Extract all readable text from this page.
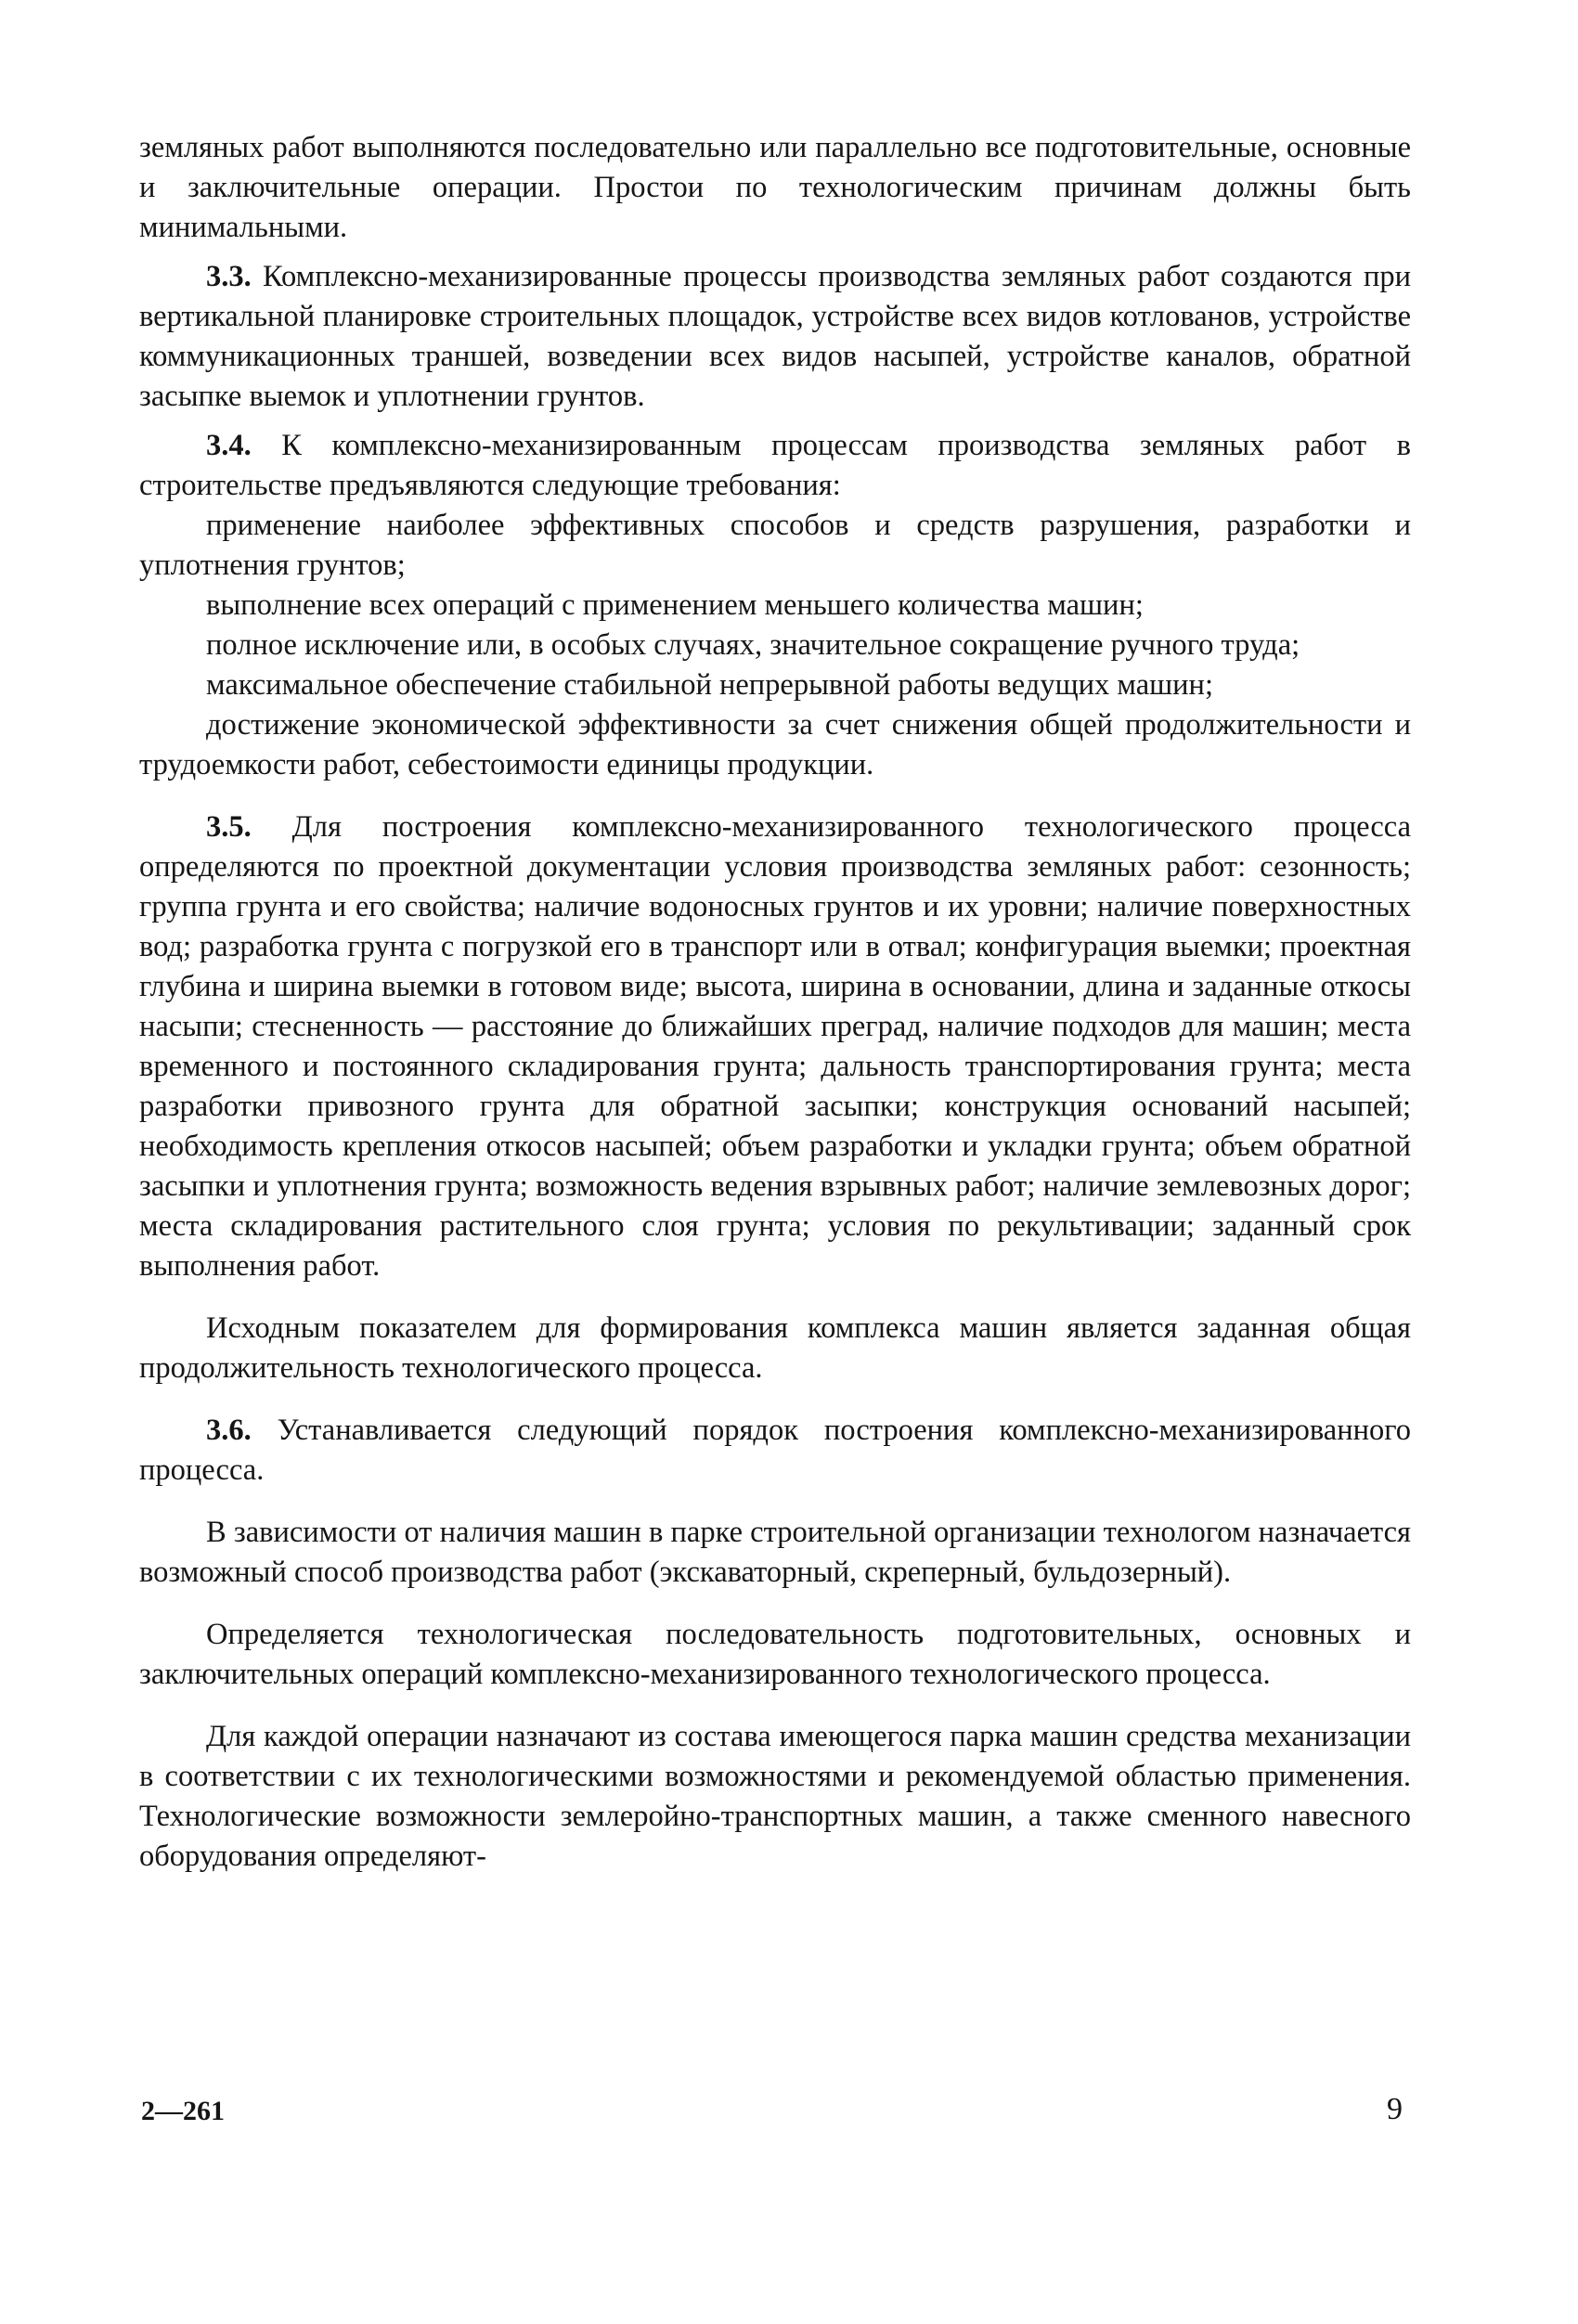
земляных работ выполняются последовательно или параллельно все подготовительные, основные и заключительные операции. Простои по технологическим причинам должны быть минимальными.

3.3. Комплексно-механизированные процессы производства земляных работ создаются при вертикальной планировке строительных площадок, устройстве всех видов котлованов, устройстве коммуникационных траншей, возведении всех видов насыпей, устройстве каналов, обратной засыпке выемок и уплотнении грунтов.

3.4. К комплексно-механизированным процессам производства земляных работ в строительстве предъявляются следующие требования:

применение наиболее эффективных способов и средств разрушения, разработки и уплотнения грунтов;

выполнение всех операций с применением меньшего количества машин;

полное исключение или, в особых случаях, значительное сокращение ручного труда;

максимальное обеспечение стабильной непрерывной работы ведущих машин;

достижение экономической эффективности за счет снижения общей продолжительности и трудоемкости работ, себестоимости единицы продукции.

3.5. Для построения комплексно-механизированного технологического процесса определяются по проектной документации условия производства земляных работ: сезонность; группа грунта и его свойства; наличие водоносных грунтов и их уровни; наличие поверхностных вод; разработка грунта с погрузкой его в транспорт или в отвал; конфигурация выемки; проектная глубина и ширина выемки в готовом виде; высота, ширина в основании, длина и заданные откосы насыпи; стесненность — расстояние до ближайших преград, наличие подходов для машин; места временного и постоянного складирования грунта; дальность транспортирования грунта; места разработки привозного грунта для обратной засыпки; конструкция оснований насыпей; необходимость крепления откосов насыпей; объем разработки и укладки грунта; объем обратной засыпки и уплотнения грунта; возможность ведения взрывных работ; наличие землевозных дорог; места складирования растительного слоя грунта; условия по рекультивации; заданный срок выполнения работ.

Исходным показателем для формирования комплекса машин является заданная общая продолжительность технологического процесса.

3.6. Устанавливается следующий порядок построения комплексно-механизированного процесса.

В зависимости от наличия машин в парке строительной организации технологом назначается возможный способ производства работ (экскаваторный, скреперный, бульдозерный).

Определяется технологическая последовательность подготовительных, основных и заключительных операций комплексно-механизированного технологического процесса.

Для каждой операции назначают из состава имеющегося парка машин средства механизации в соответствии с их технологическими возможностями и рекомендуемой областью применения. Технологические возможности землеройно-транспортных машин, а также сменного навесного оборудования определяют-

2—261	9
